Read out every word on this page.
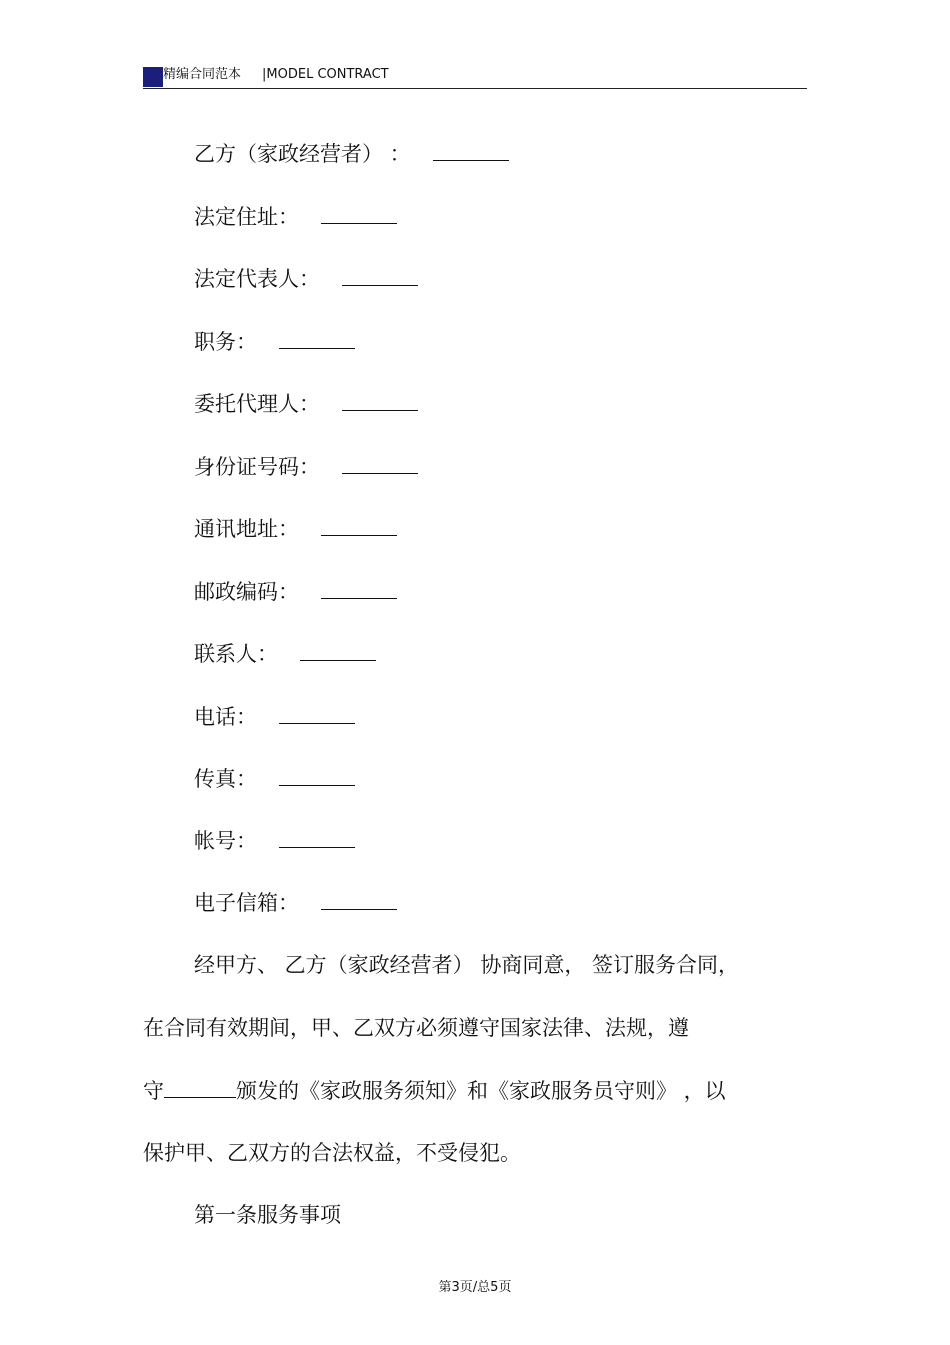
精编合同范本 |MODEL CONTRACT
乙方（家政经营者） ：
法定住址：
法定代表人：
职务：
委托代理人：
身份证号码：
通讯地址：
邮政编码：
联系人：
电话：
传真：
帐号：
电子信箱：
经甲方、 乙方（家政经营者） 协商同意， 签订服务合同，
在合同有效期间，甲、乙双方必须遵守国家法律、法规，遵
守	颁发的《家政服务须知》和《家政服务员守则》 ，以
保护甲、乙双方的合法权益，不受侵犯。
第一条服务事项
第3页/总5页
